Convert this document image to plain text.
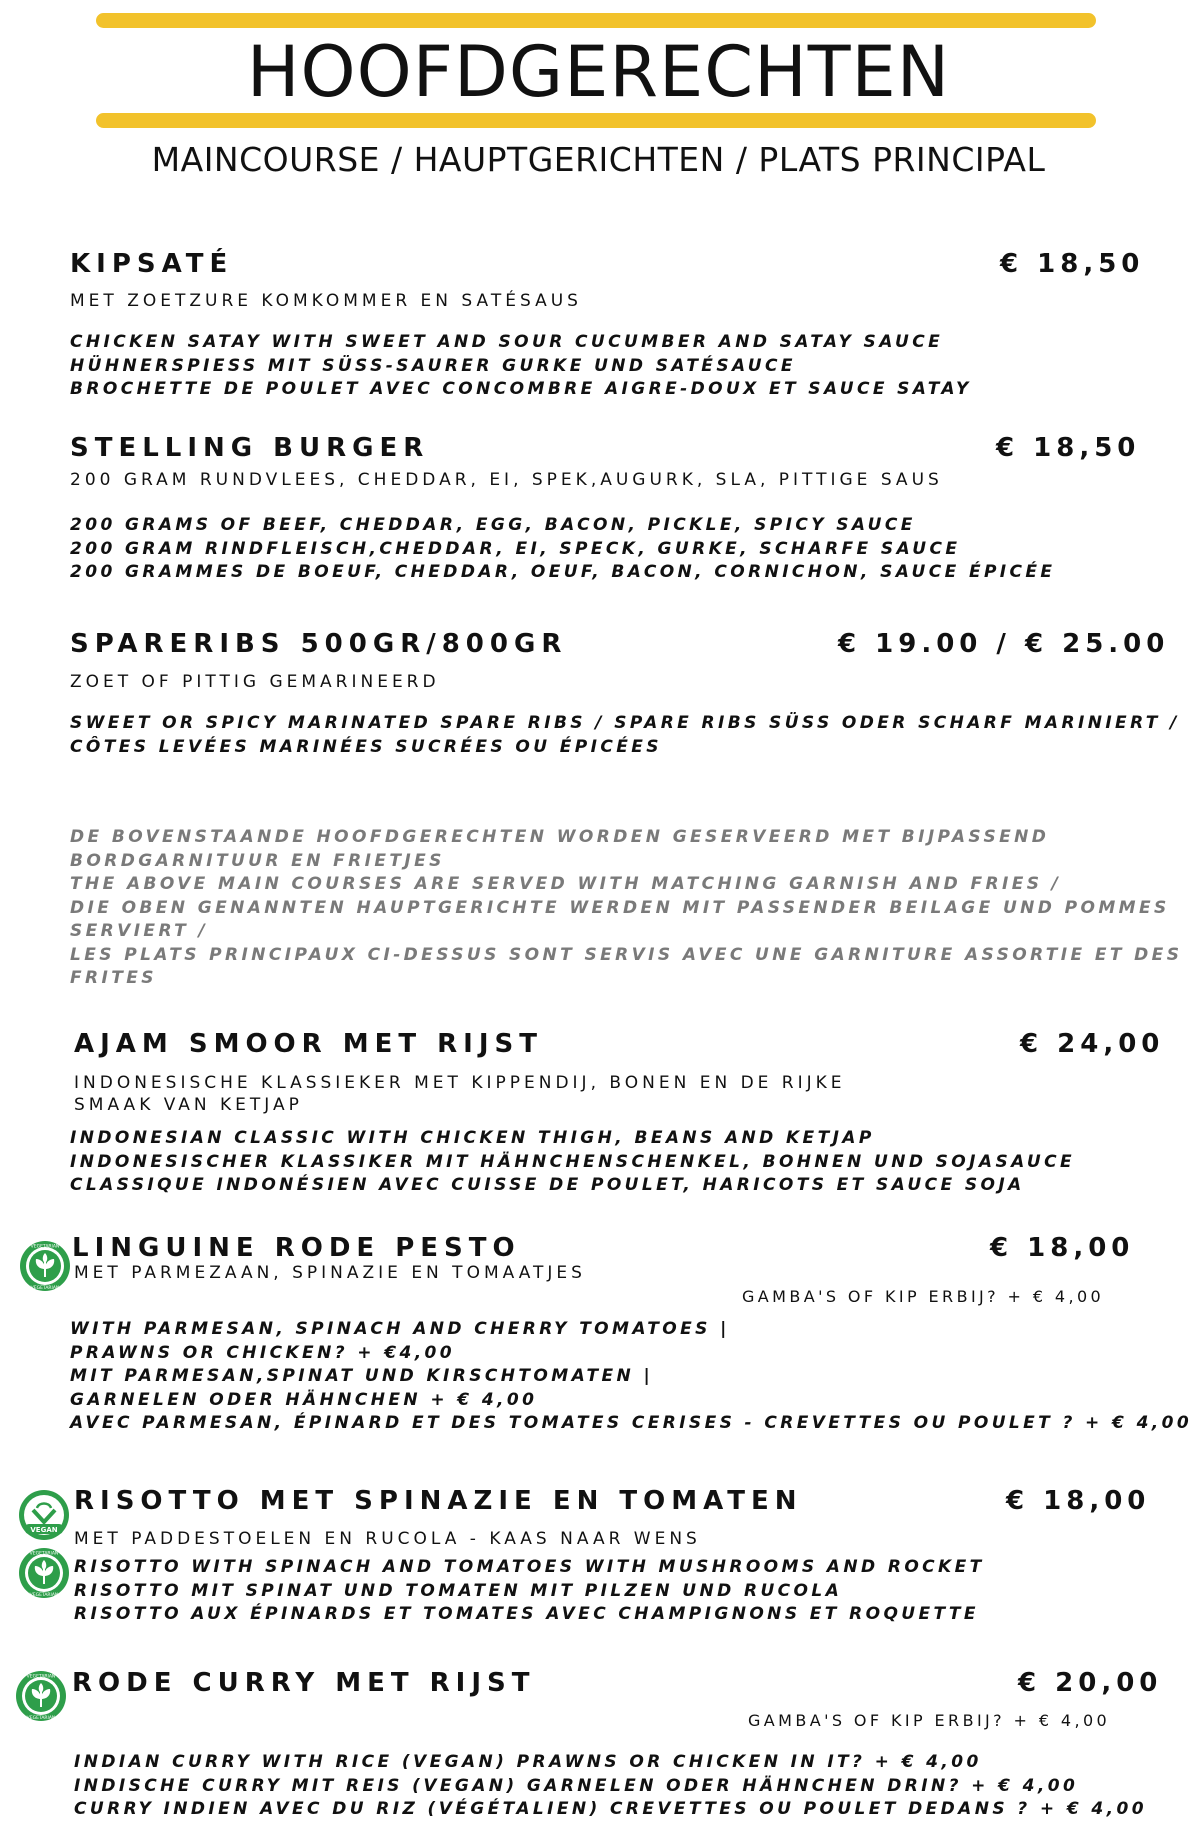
HOOFDGERECHTEN
MAINCOURSE / HAUPTGERICHTEN / PLATS PRINCIPAL
KIPSATÉ	€ 18,50
MET ZOETZURE KOMKOMMER EN SATÉSAUS
CHICKEN SATAY WITH SWEET AND SOUR CUCUMBER AND SATAY SAUCE
HÜHNERSPIESS MIT SÜSS-SAURER GURKE UND SATÉSAUCE
BROCHETTE DE POULET AVEC CONCOMBRE AIGRE-DOUX ET SAUCE SATAY
STELLING BURGER	€ 18,50
200 GRAM RUNDVLEES, CHEDDAR, EI, SPEK,AUGURK, SLA, PITTIGE SAUS
200 GRAMS OF BEEF, CHEDDAR, EGG, BACON, PICKLE, SPICY SAUCE
200 GRAM RINDFLEISCH,CHEDDAR, EI, SPECK, GURKE, SCHARFE SAUCE
200 GRAMMES DE BOEUF, CHEDDAR, OEUF, BACON, CORNICHON, SAUCE ÉPICÉE
SPARERIBS 500GR/800GR	€ 19.00 / € 25.00
ZOET OF PITTIG GEMARINEERD
SWEET OR SPICY MARINATED SPARE RIBS / SPARE RIBS SÜSS ODER SCHARF MARINIERT /
CÔTES LEVÉES MARINÉES SUCRÉES OU ÉPICÉES
DE BOVENSTAANDE HOOFDGERECHTEN WORDEN GESERVEERD MET BIJPASSEND
BORDGARNITUUR EN FRIETJES
THE ABOVE MAIN COURSES ARE SERVED WITH MATCHING GARNISH AND FRIES /
DIE OBEN GENANNTEN HAUPTGERICHTE WERDEN MIT PASSENDER BEILAGE UND POMMES
SERVIERT /
LES PLATS PRINCIPAUX CI-DESSUS SONT SERVIS AVEC UNE GARNITURE ASSORTIE ET DES
FRITES
AJAM SMOOR MET RIJST	€ 24,00
INDONESISCHE KLASSIEKER MET KIPPENDIJ, BONEN EN DE RIJKE
SMAAK VAN KETJAP
INDONESIAN CLASSIC WITH CHICKEN THIGH, BEANS AND KETJAP
INDONESISCHER KLASSIKER MIT HÄHNCHENSCHENKEL, BOHNEN UND SOJASAUCE
CLASSIQUE INDONÉSIEN AVEC CUISSE DE POULET, HARICOTS ET SAUCE SOJA
VEGETARIAN
VEGETARIAN
LINGUINE RODE PESTO	€ 18,00
MET PARMEZAAN, SPINAZIE EN TOMAATJES
GAMBA'S OF KIP ERBIJ? + € 4,00
WITH PARMESAN, SPINACH AND CHERRY TOMATOES |
PRAWNS OR CHICKEN? + €4,00
MIT PARMESAN,SPINAT UND KIRSCHTOMATEN |
GARNELEN ODER HÄHNCHEN + € 4,00
AVEC PARMESAN, ÉPINARD ET DES TOMATES CERISES - CREVETTES OU POULET ? + € 4,00
VEGAN
VEGETARIAN
VEGETARIAN
RISOTTO MET SPINAZIE EN TOMATEN	€ 18,00
MET PADDESTOELEN EN RUCOLA - KAAS NAAR WENS
RISOTTO WITH SPINACH AND TOMATOES WITH MUSHROOMS AND ROCKET
RISOTTO MIT SPINAT UND TOMATEN MIT PILZEN UND RUCOLA
RISOTTO AUX ÉPINARDS ET TOMATES AVEC CHAMPIGNONS ET ROQUETTE
VEGETARIAN
VEGETARIAN
RODE CURRY MET RIJST	€ 20,00
GAMBA'S OF KIP ERBIJ? + € 4,00
INDIAN CURRY WITH RICE (VEGAN) PRAWNS OR CHICKEN IN IT? + € 4,00
INDISCHE CURRY MIT REIS (VEGAN) GARNELEN ODER HÄHNCHEN DRIN? + € 4,00
CURRY INDIEN AVEC DU RIZ (VÉGÉTALIEN) CREVETTES OU POULET DEDANS ? + € 4,00
